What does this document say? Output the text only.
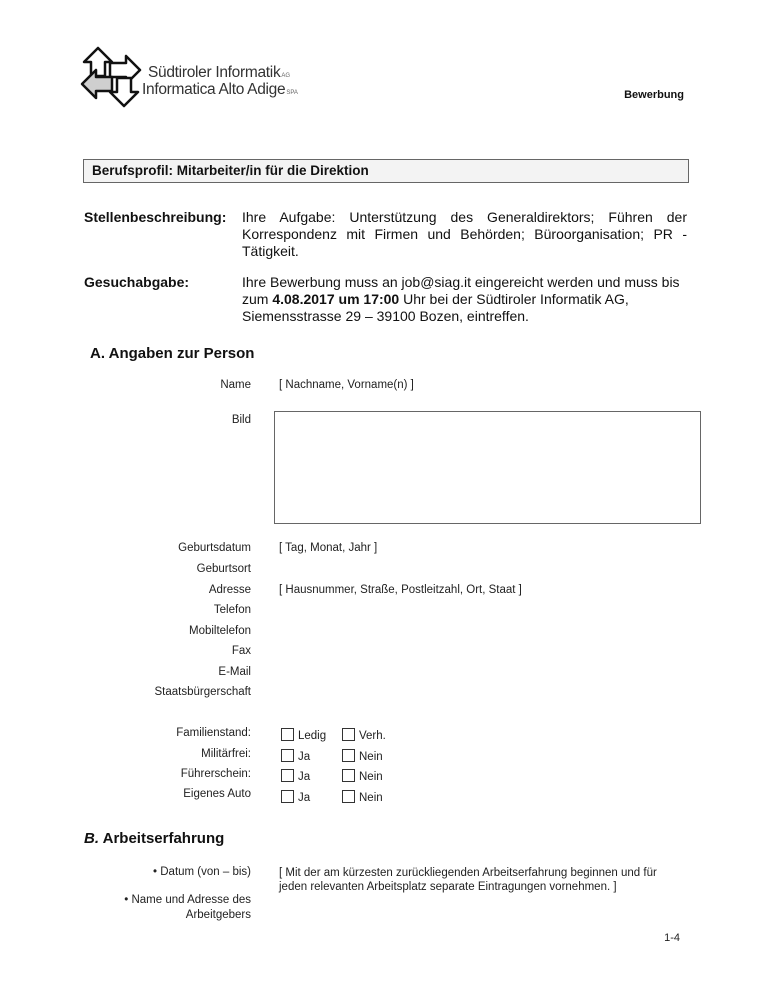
Südtiroler InformatikAG
Informatica Alto AdigeSPA	Bewerbung
Berufsprofil: Mitarbeiter/in für die Direktion
Stellenbeschreibung: Ihre Aufgabe: Unterstützung des Generaldirektors; Führen der Korrespondenz mit Firmen und Behörden; Büroorganisation; PR - Tätigkeit.
Gesuchabgabe:	Ihre Bewerbung muss an job@siag.it eingereicht werden und muss bis zum 4.08.2017 um 17:00 Uhr bei der Südtiroler Informatik AG, Siemensstrasse 29 – 39100 Bozen, eintreffen.
A. Angaben zur Person
Name [ Nachname, Vorname(n) ]
Bild
Geburtsdatum [ Tag, Monat, Jahr ]
Geburtsort
Adresse [ Hausnummer, Straße, Postleitzahl, Ort, Staat ]
Telefon
Mobiltelefon
Fax
E-Mail
Staatsbürgerschaft
Familienstand:	Ledig	Verh.
Militärfrei:	Ja	Nein
Führerschein:	Ja	Nein
Eigenes Auto	Ja	Nein
B. Arbeitserfahrung
• Datum (von – bis) [ Mit der am kürzesten zurückliegenden Arbeitserfahrung beginnen und für jeden relevanten Arbeitsplatz separate Eintragungen vornehmen. ]
• Name und Adresse des
Arbeitgebers
1-4
